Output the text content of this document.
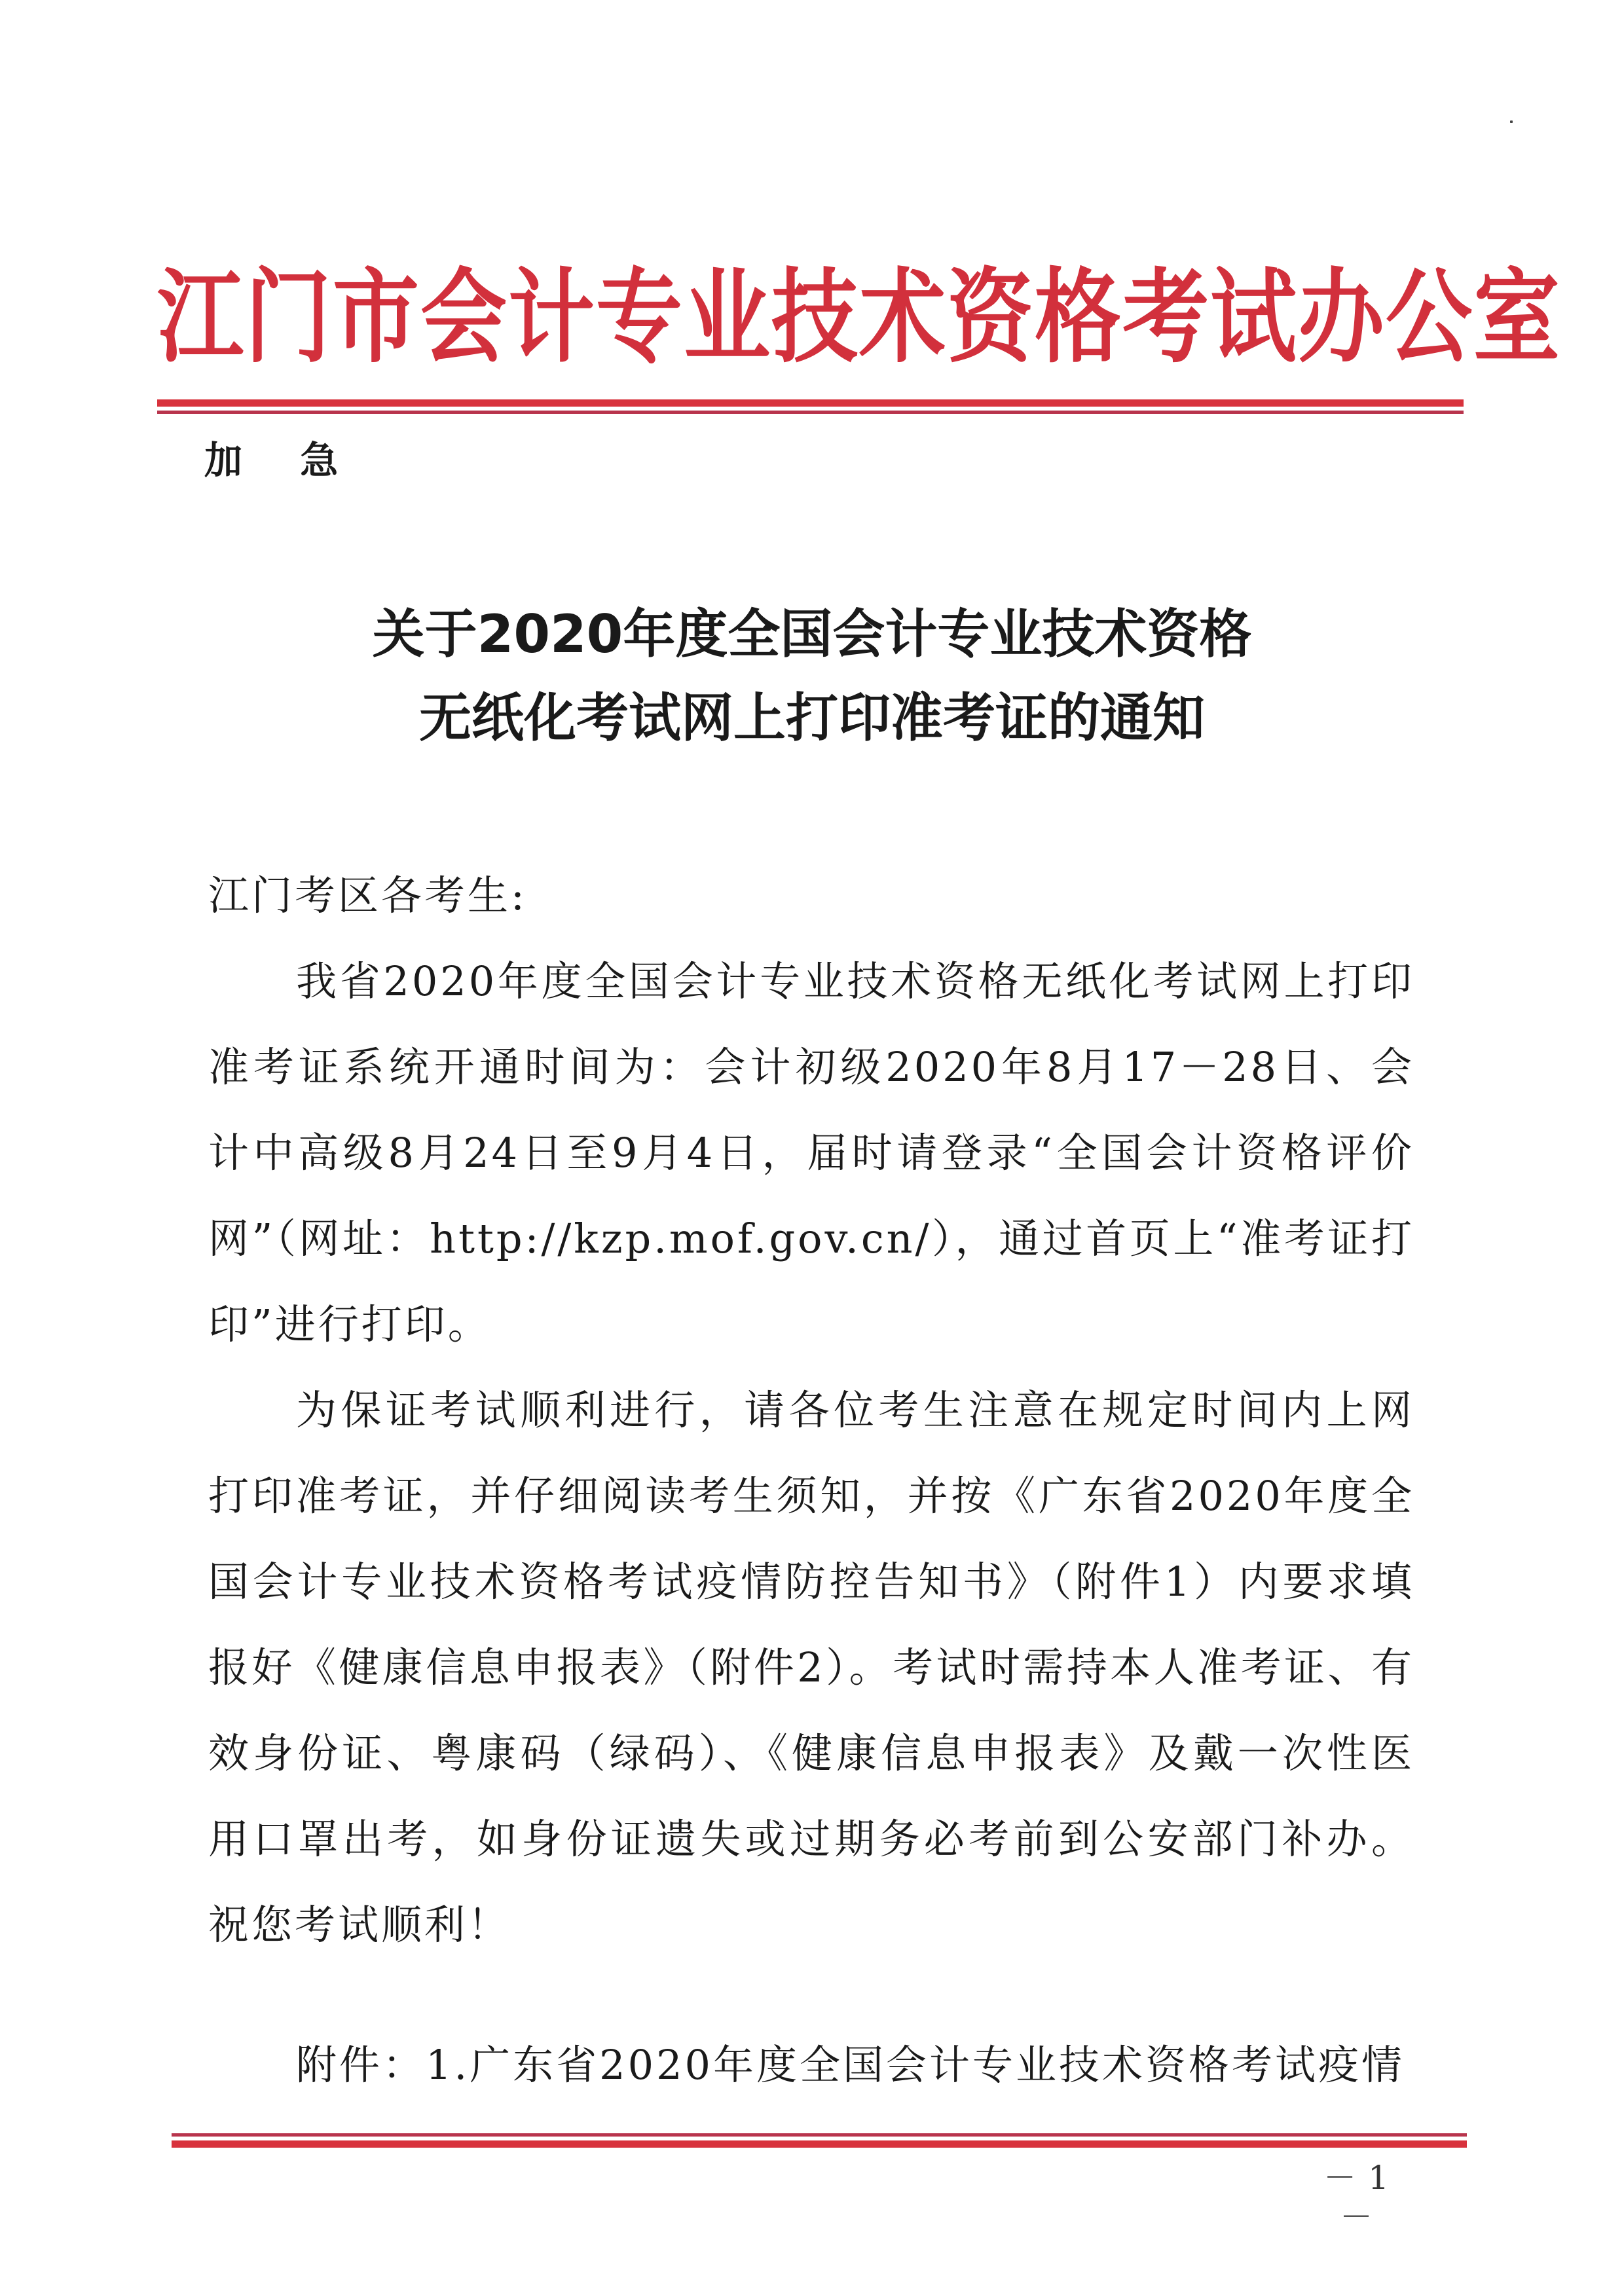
江门市会计专业技术资格考试办公室
加 急
关于2020年度全国会计专业技术资格
无纸化考试网上打印准考证的通知

江门考区各考生:

我省2020年度全国会计专业技术资格无纸化考试网上打印准考证系统开通时间为：会计初级2020年8月17－28日、会计中高级8月24日至9月4日，届时请登录“全国会计资格评价网”（网址：http://kzp.mof.gov.cn/），通过首页上“准考证打印”进行打印。

为保证考试顺利进行，请各位考生注意在规定时间内上网打印准考证，并仔细阅读考生须知，并按《广东省2020年度全国会计专业技术资格考试疫情防控告知书》（附件1）内要求填报好《健康信息申报表》（附件2）。考试时需持本人准考证、有效身份证、粤康码（绿码）、《健康信息申报表》及戴一次性医用口罩出考，如身份证遗失或过期务必考前到公安部门补办。祝您考试顺利！

附件：1.广东省2020年度全国会计专业技术资格考试疫情
－1－
